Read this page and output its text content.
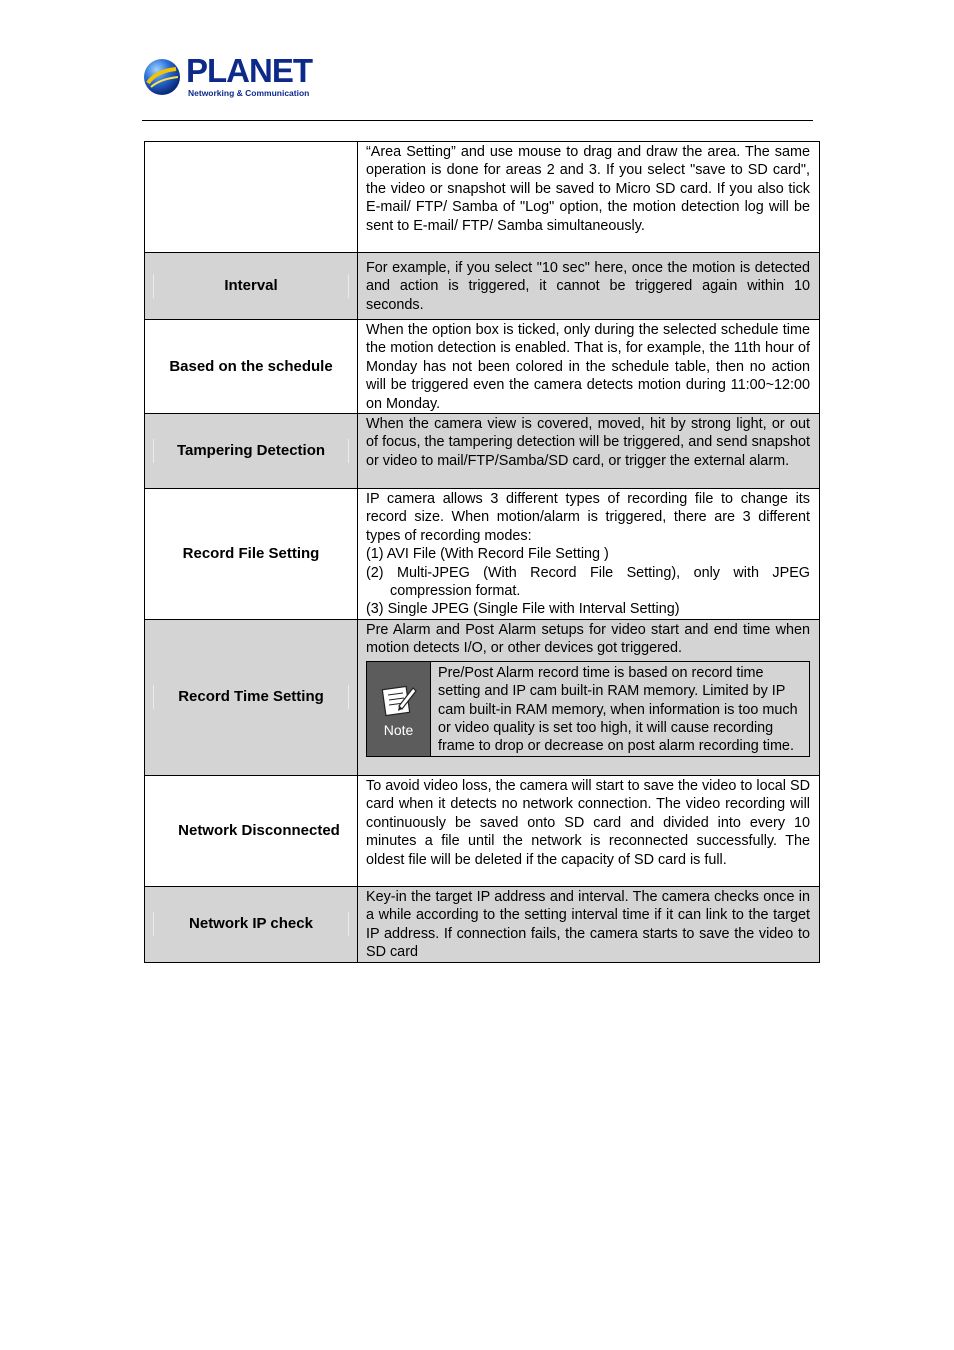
PLANET
Networking & Communication
	“Area Setting” and use mouse to drag and draw the area. The same operation is done for areas 2 and 3. If you select "save to SD card", the video or snapshot will be saved to Micro SD card. If you also tick E-mail/ FTP/ Samba of "Log" option, the motion detection log will be sent to E-mail/ FTP/ Samba simultaneously.

Interval	For example, if you select "10 sec" here, once the motion is detected and action is triggered, it cannot be triggered again within 10 seconds.

Based on the schedule	When the option box is ticked, only during the selected schedule time the motion detection is enabled. That is, for example, the 11th hour of Monday has not been colored in the schedule table, then no action will be triggered even the camera detects motion during 11:00~12:00 on Monday.

Tampering Detection	When the camera view is covered, moved, hit by strong light, or out of focus, the tampering detection will be triggered, and send snapshot or video to mail/FTP/Samba/SD card, or trigger the external alarm.

Record File Setting	IP camera allows 3 different types of recording file to change its record size. When motion/alarm is triggered, there are 3 different types of recording modes:
(1) AVI File (With Record File Setting )
(2) Multi-JPEG (With Record File Setting), only with JPEG compression format.
(3) Single JPEG (Single File with Interval Setting)

Record Time Setting	Pre Alarm and Post Alarm setups for video start and end time when motion detects I/O, or other devices got triggered.
Note
Pre/Post Alarm record time is based on record time setting and IP cam built-in RAM memory. Limited by IP cam built-in RAM memory, when information is too much or video quality is set too high, it will cause recording frame to drop or decrease on post alarm recording time.

Network Disconnected	To avoid video loss, the camera will start to save the video to local SD card when it detects no network connection. The video recording will continuously be saved onto SD card and divided into every 10 minutes a file until the network is reconnected successfully. The oldest file will be deleted if the capacity of SD card is full.

Network IP check	Key-in the target IP address and interval. The camera checks once in a while according to the setting interval time if it can link to the target IP address. If connection fails, the camera starts to save the video to SD card
